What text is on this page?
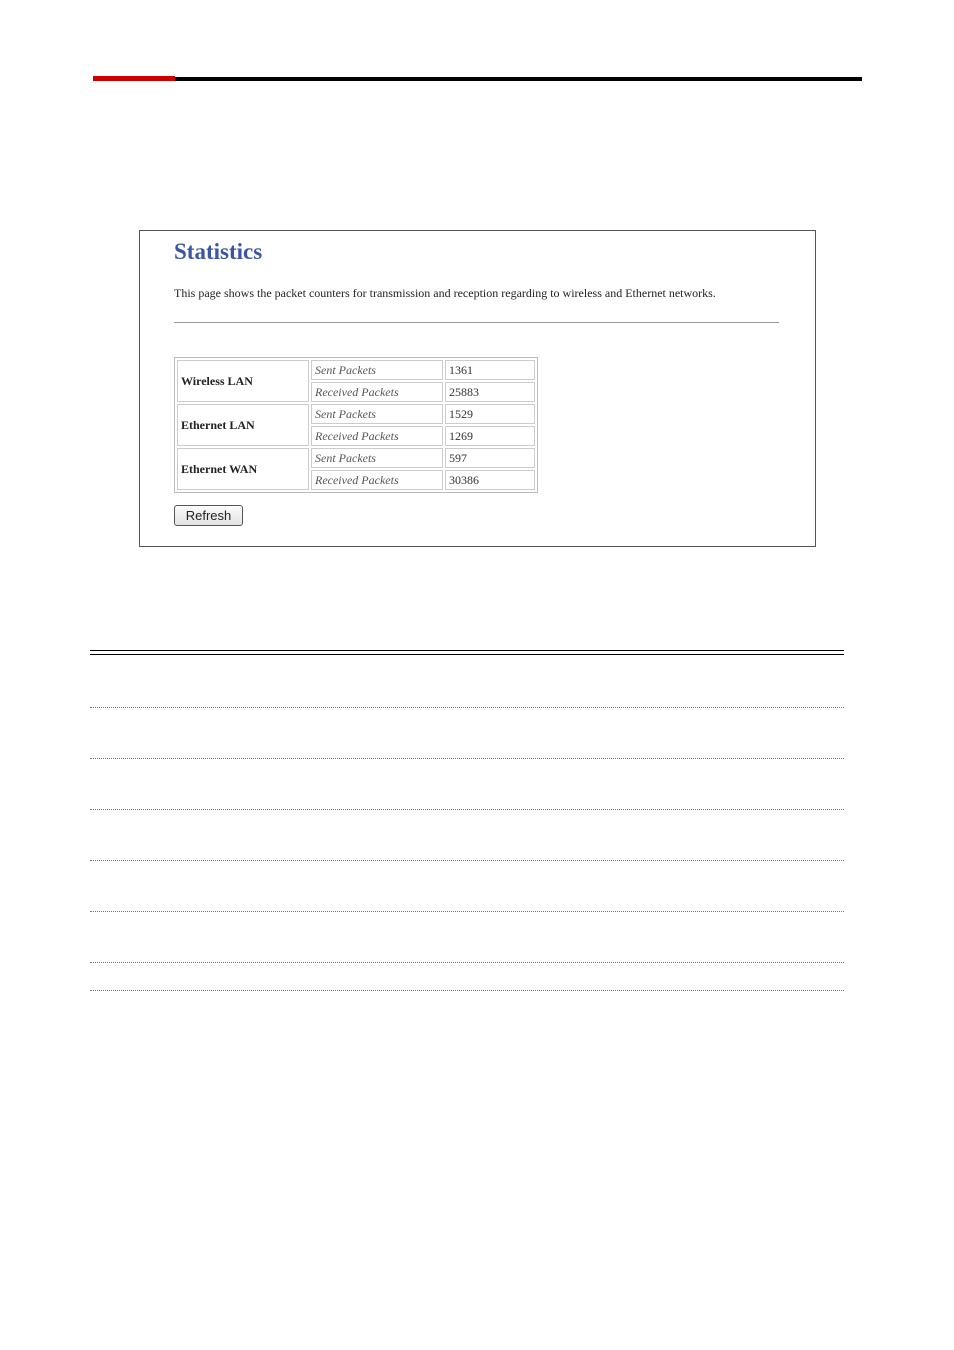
Statistics
This page shows the packet counters for transmission and reception regarding to wireless and Ethernet networks.
Wireless LAN	Sent Packets	1361
	Received Packets	25883
Ethernet LAN	Sent Packets	1529
	Received Packets	1269
Ethernet WAN	Sent Packets	597
	Received Packets	30386
Refresh
